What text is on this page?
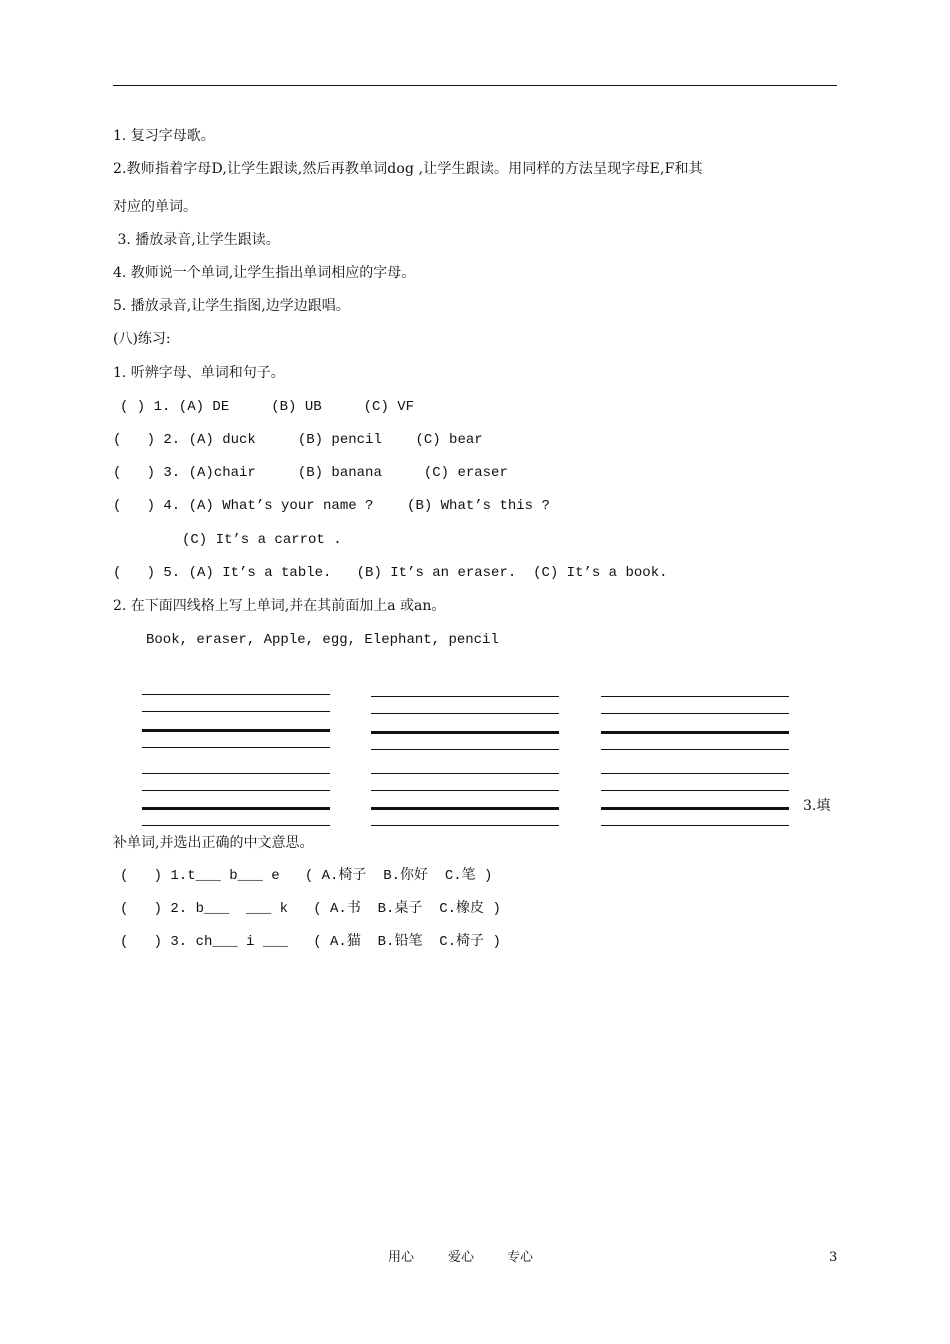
1. 复习字母歌。
2.教师指着字母D,让学生跟读,然后再教单词dog ,让学生跟读。用同样的方法呈现字母E,F和其
对应的单词。
3. 播放录音,让学生跟读。
4. 教师说一个单词,让学生指出单词相应的字母。
5. 播放录音,让学生指图,边学边跟唱。
(八)练习:
1. 听辨字母、单词和句子。
( ) 1. (A) DE     (B) UB     (C) VF
(   ) 2. (A) duck     (B) pencil    (C) bear
(   ) 3. (A)chair     (B) banana     (C) eraser
(   ) 4. (A) What’s your name ?    (B) What’s this ?
(C) It’s a carrot .
(   ) 5. (A) It’s a table.   (B) It’s an eraser.  (C) It’s a book.
2. 在下面四线格上写上单词,并在其前面加上a 或an。
Book, eraser, Apple, egg, Elephant, pencil
3.填
补单词,并选出正确的中文意思。
(   ) 1.t___ b___ e   ( A.椅子  B.你好  C.笔 )
(   ) 2. b___  ___ k   ( A.书  B.桌子  C.橡皮 )
(   ) 3. ch___ i ___   ( A.猫  B.铅笔  C.椅子 )
用心	爱心	专心	3
